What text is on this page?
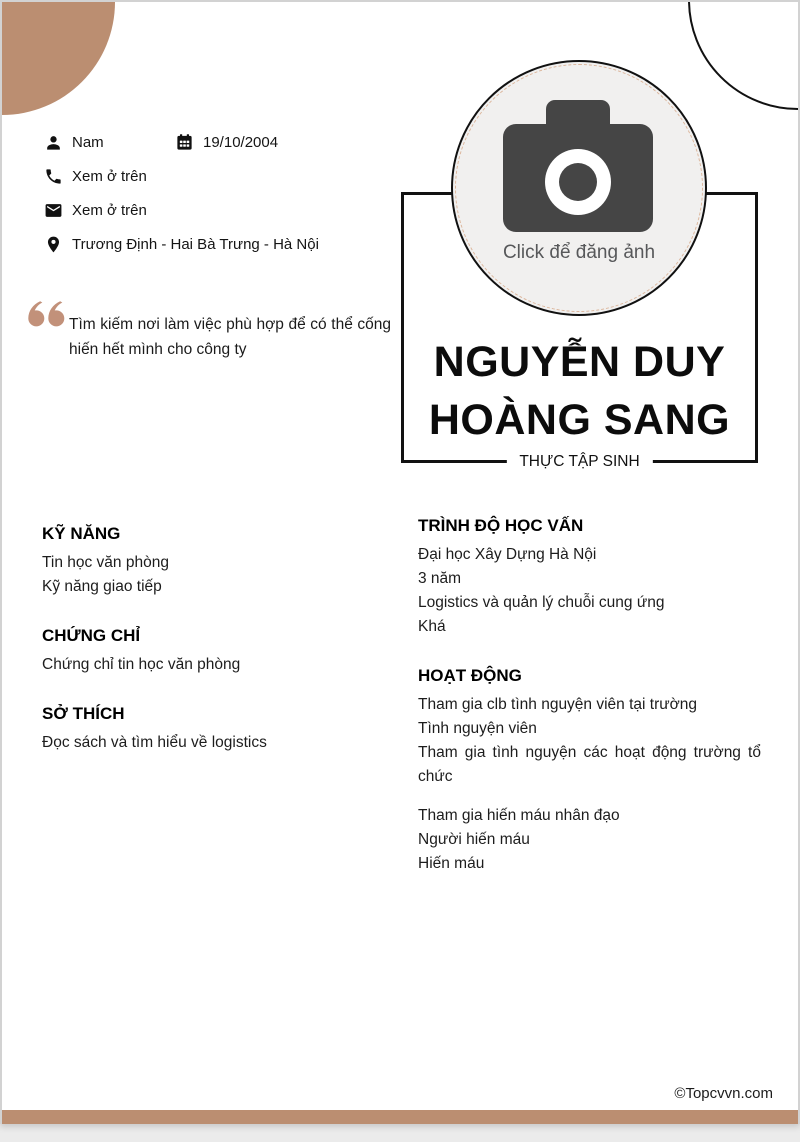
Nam	19/10/2004
Xem ở trên
Xem ở trên
Trương Định - Hai Bà Trưng - Hà Nội
Tìm kiếm nơi làm việc phù hợp để có thể cống hiến hết mình cho công ty
Click để đăng ảnh
NGUYỄN DUY
HOÀNG SANG
THỰC TẬP SINH
KỸ NĂNG
Tin học văn phòng
Kỹ năng giao tiếp
CHỨNG CHỈ
Chứng chỉ tin học văn phòng
SỞ THÍCH
Đọc sách và tìm hiểu về logistics
TRÌNH ĐỘ HỌC VẤN
Đại học Xây Dựng Hà Nội
3 năm
Logistics và quản lý chuỗi cung ứng
Khá
HOẠT ĐỘNG
Tham gia clb tình nguyện viên tại trường
Tình nguyện viên
Tham gia tình nguyện các hoạt động trường tổ chức
Tham gia hiến máu nhân đạo
Người hiến máu
Hiến máu
©Topcvvn.com
